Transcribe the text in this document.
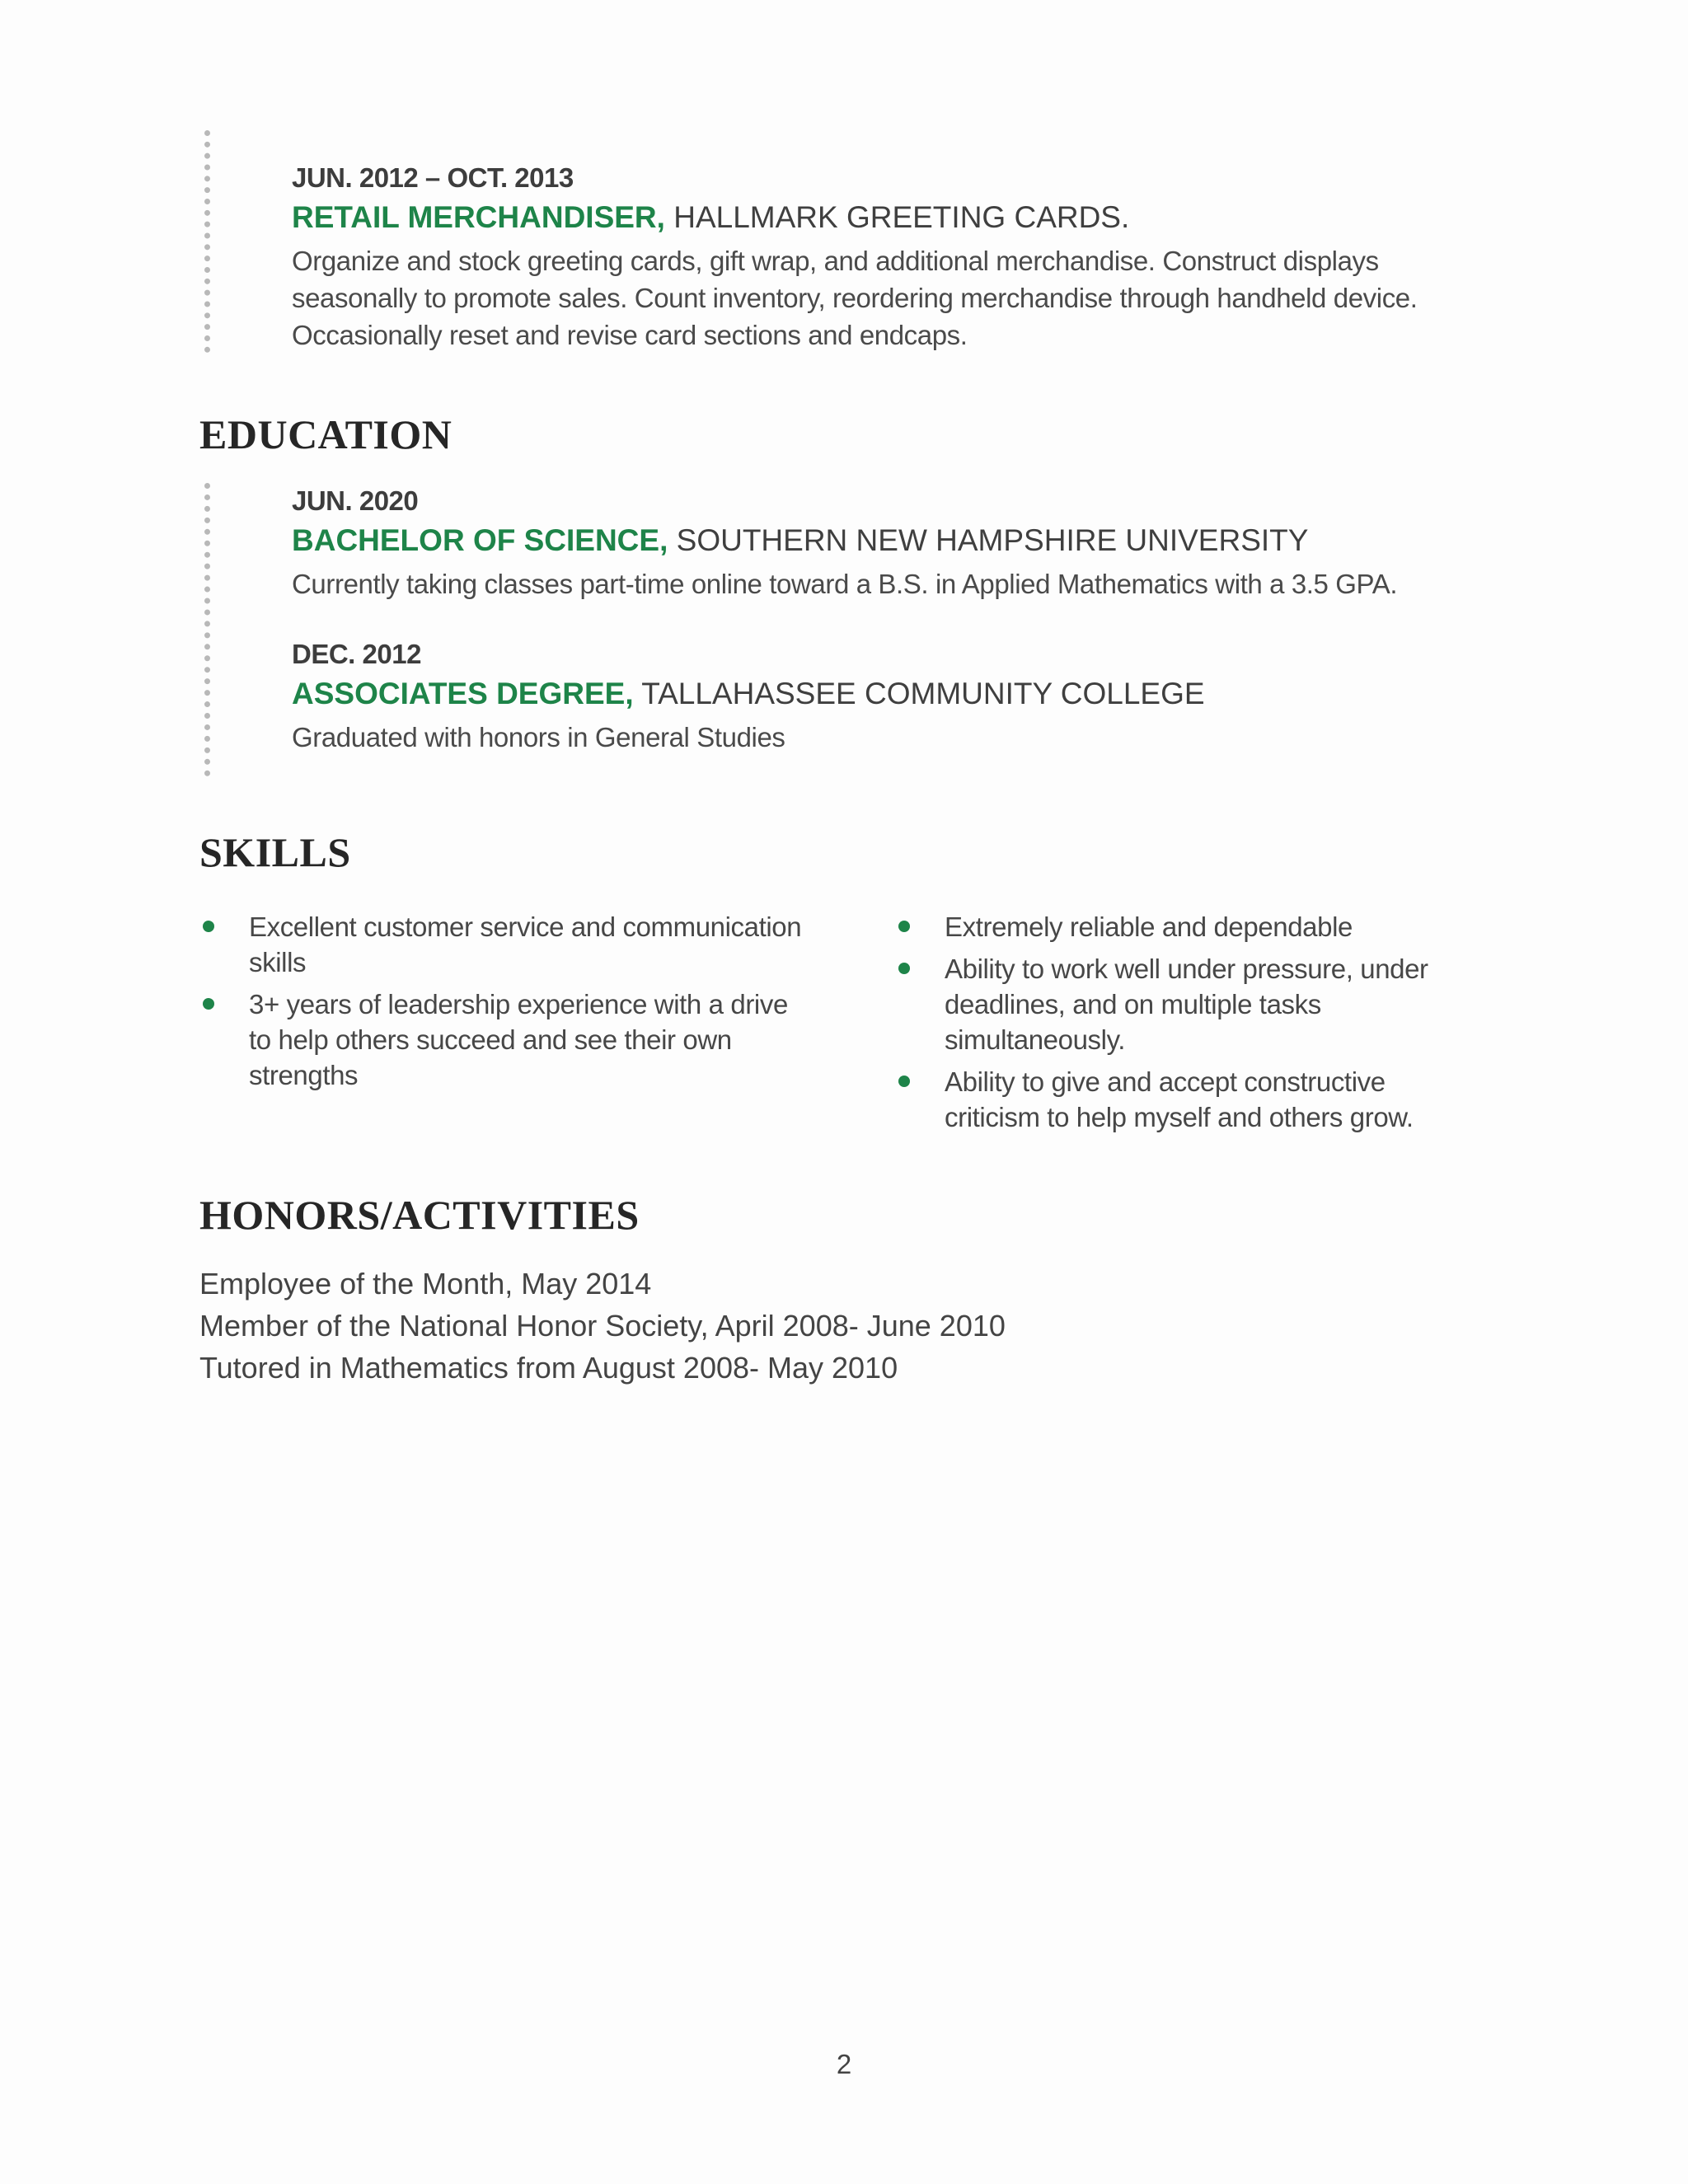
JUN. 2012 – OCT. 2013
RETAIL MERCHANDISER, HALLMARK GREETING CARDS.
Organize and stock greeting cards, gift wrap, and additional merchandise. Construct displays
seasonally to promote sales. Count inventory, reordering merchandise through handheld device.
Occasionally reset and revise card sections and endcaps.
EDUCATION
JUN. 2020
BACHELOR OF SCIENCE, SOUTHERN NEW HAMPSHIRE UNIVERSITY
Currently taking classes part-time online toward a B.S. in Applied Mathematics with a 3.5 GPA.
DEC. 2012
ASSOCIATES DEGREE, TALLAHASSEE COMMUNITY COLLEGE
Graduated with honors in General Studies
SKILLS
Excellent customer service and communication
skills
3+ years of leadership experience with a drive
to help others succeed and see their own
strengths
Extremely reliable and dependable
Ability to work well under pressure, under
deadlines, and on multiple tasks
simultaneously.
Ability to give and accept constructive
criticism to help myself and others grow.
HONORS/ACTIVITIES
Employee of the Month, May 2014
Member of the National Honor Society, April 2008- June 2010
Tutored in Mathematics from August 2008- May 2010
2
